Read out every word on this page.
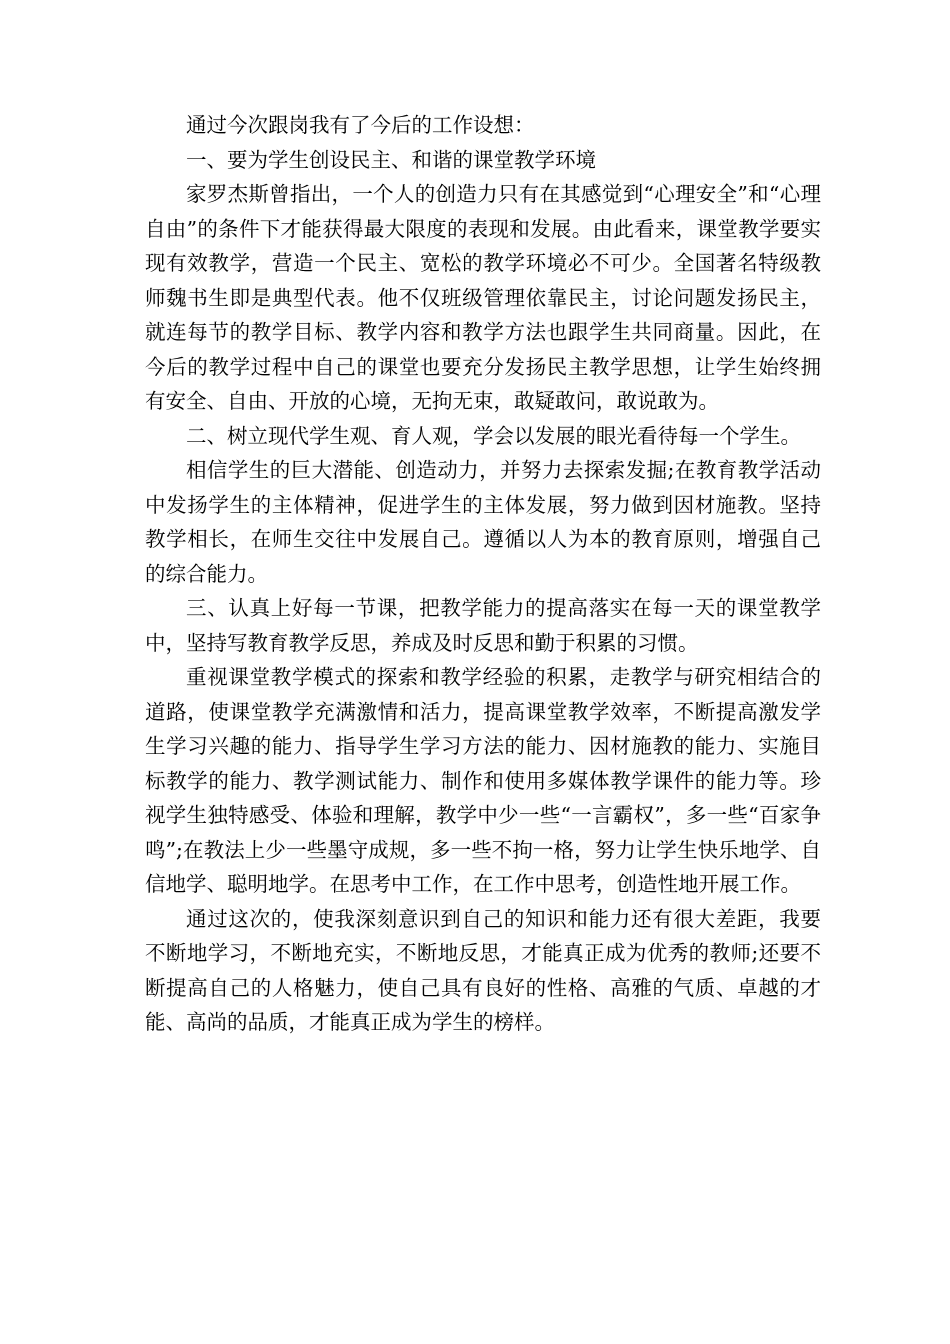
通过今次跟岗我有了今后的工作设想：

一、要为学生创设民主、和谐的课堂教学环境

家罗杰斯曾指出，一个人的创造力只有在其感觉到“心理安全”和“心理自由”的条件下才能获得最大限度的表现和发展。由此看来，课堂教学要实现有效教学，营造一个民主、宽松的教学环境必不可少。全国著名特级教师魏书生即是典型代表。他不仅班级管理依靠民主，讨论问题发扬民主，就连每节的教学目标、教学内容和教学方法也跟学生共同商量。因此，在今后的教学过程中自己的课堂也要充分发扬民主教学思想，让学生始终拥有安全、自由、开放的心境，无拘无束，敢疑敢问，敢说敢为。

二、树立现代学生观、育人观，学会以发展的眼光看待每一个学生。

相信学生的巨大潜能、创造动力，并努力去探索发掘;在教育教学活动中发扬学生的主体精神，促进学生的主体发展，努力做到因材施教。坚持教学相长，在师生交往中发展自己。遵循以人为本的教育原则，增强自己的综合能力。

三、认真上好每一节课，把教学能力的提高落实在每一天的课堂教学中，坚持写教育教学反思，养成及时反思和勤于积累的习惯。

重视课堂教学模式的探索和教学经验的积累，走教学与研究相结合的道路，使课堂教学充满激情和活力，提高课堂教学效率，不断提高激发学生学习兴趣的能力、指导学生学习方法的能力、因材施教的能力、实施目标教学的能力、教学测试能力、制作和使用多媒体教学课件的能力等。珍视学生独特感受、体验和理解，教学中少一些“一言霸权”，多一些“百家争鸣”;在教法上少一些墨守成规，多一些不拘一格，努力让学生快乐地学、自信地学、聪明地学。在思考中工作，在工作中思考，创造性地开展工作。

通过这次的，使我深刻意识到自己的知识和能力还有很大差距，我要不断地学习，不断地充实，不断地反思，才能真正成为优秀的教师;还要不断提高自己的人格魅力，使自己具有良好的性格、高雅的气质、卓越的才能、高尚的品质，才能真正成为学生的榜样。
